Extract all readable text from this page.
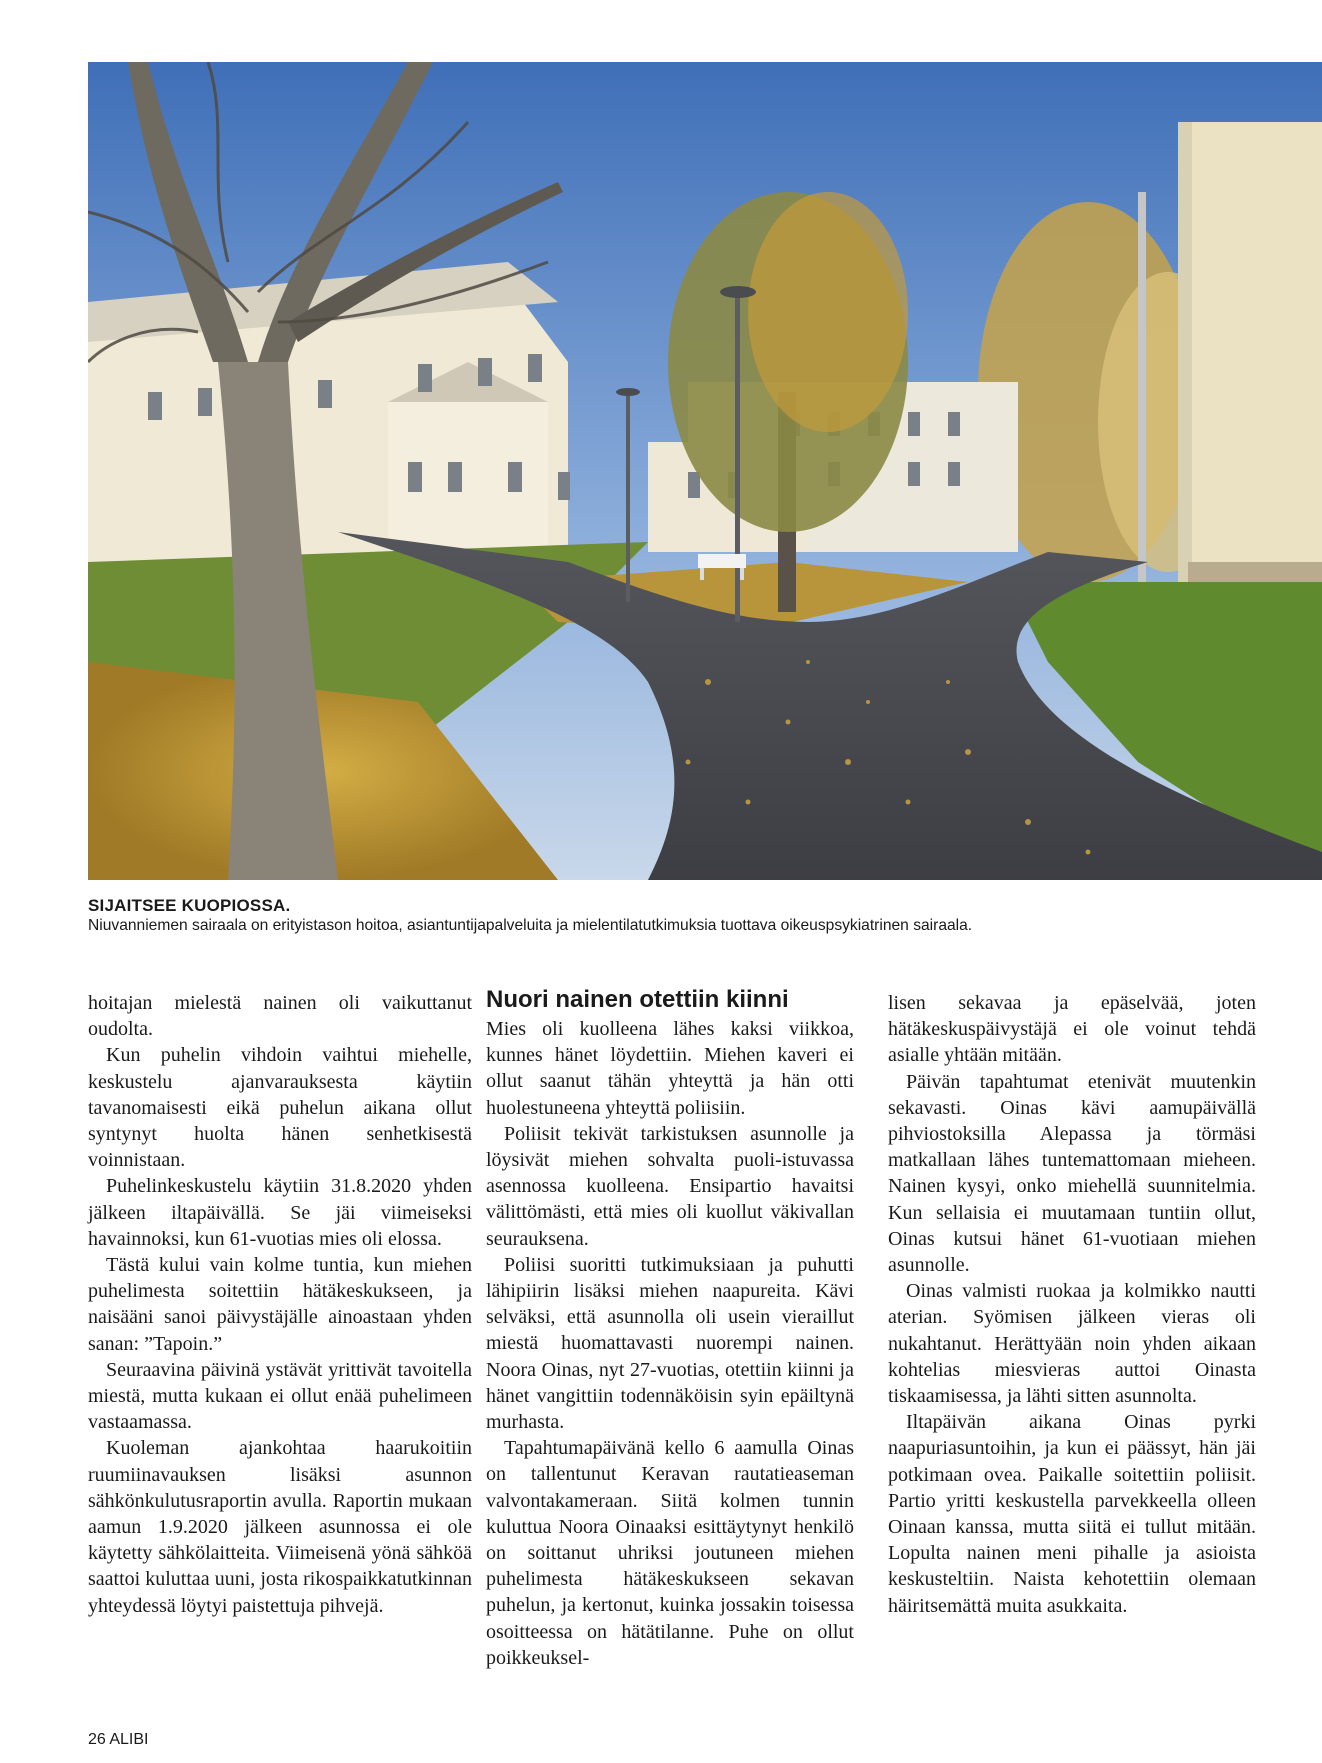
SIJAITSEE KUOPIOSSA.
Niuvanniemen sairaala on erityistason hoitoa, asiantuntijapalveluita ja mielentilatutkimuksia tuottava oikeuspsykiatrinen sairaala.

hoitajan mielestä nainen oli vaikuttanut oudolta.

Kun puhelin vihdoin vaihtui miehelle, keskustelu ajanvarauksesta käytiin tavanomaisesti eikä puhelun aikana ollut syntynyt huolta hänen senhetkisestä voinnistaan.

Puhelinkeskustelu käytiin 31.8.2020 yhden jälkeen iltapäivällä. Se jäi viimeiseksi havainnoksi, kun 61-vuotias mies oli elossa.

Tästä kului vain kolme tuntia, kun miehen puhelimesta soitettiin hätäkeskukseen, ja naisääni sanoi päivystäjälle ainoastaan yhden sanan: ”Tapoin.”

Seuraavina päivinä ystävät yrittivät tavoitella miestä, mutta kukaan ei ollut enää puhelimeen vastaamassa.

Kuoleman ajankohtaa haarukoitiin ruumiinavauksen lisäksi asunnon sähkönkulutusraportin avulla. Raportin mukaan aamun 1.9.2020 jälkeen asunnossa ei ole käytetty sähkölaitteita. Viimeisenä yönä sähköä saattoi kuluttaa uuni, josta rikospaikkatutkinnan yhteydessä löytyi paistettuja pihvejä.

Nuori nainen otettiin kiinni

Mies oli kuolleena lähes kaksi viikkoa, kunnes hänet löydettiin. Miehen kaveri ei ollut saanut tähän yhteyttä ja hän otti huolestuneena yhteyttä poliisiin.

Poliisit tekivät tarkistuksen asunnolle ja löysivät miehen sohvalta puoli-istuvassa asennossa kuolleena. Ensipartio havaitsi välittömästi, että mies oli kuollut väkivallan seurauksena.

Poliisi suoritti tutkimuksiaan ja puhutti lähipiirin lisäksi miehen naapureita. Kävi selväksi, että asunnolla oli usein vieraillut miestä huomattavasti nuorempi nainen. Noora Oinas, nyt 27-vuotias, otettiin kiinni ja hänet vangittiin todennäköisin syin epäiltynä murhasta.

Tapahtumapäivänä kello 6 aamulla Oinas on tallentunut Keravan rautatieaseman valvontakameraan. Siitä kolmen tunnin kuluttua Noora Oinaaksi esittäytynyt henkilö on soittanut uhriksi joutuneen miehen puhelimesta hätäkeskukseen sekavan puhelun, ja kertonut, kuinka jossakin toisessa osoitteessa on hätätilanne. Puhe on ollut poikkeuksel-

lisen sekavaa ja epäselvää, joten hätäkeskuspäivystäjä ei ole voinut tehdä asialle yhtään mitään.

Päivän tapahtumat etenivät muutenkin sekavasti. Oinas kävi aamupäivällä pihviostoksilla Alepassa ja törmäsi matkallaan lähes tuntemattomaan mieheen. Nainen kysyi, onko miehellä suunnitelmia. Kun sellaisia ei muutamaan tuntiin ollut, Oinas kutsui hänet 61-vuotiaan miehen asunnolle.

Oinas valmisti ruokaa ja kolmikko nautti aterian. Syömisen jälkeen vieras oli nukahtanut. Herättyään noin yhden aikaan kohtelias miesvieras auttoi Oinasta tiskaamisessa, ja lähti sitten asunnolta.

Iltapäivän aikana Oinas pyrki naapuriasuntoihin, ja kun ei päässyt, hän jäi potkimaan ovea. Paikalle soitettiin poliisit. Partio yritti keskustella parvekkeella olleen Oinaan kanssa, mutta siitä ei tullut mitään. Lopulta nainen meni pihalle ja asioista keskusteltiin. Naista kehotettiin olemaan häiritsemättä muita asukkaita.

26 ALIBI
